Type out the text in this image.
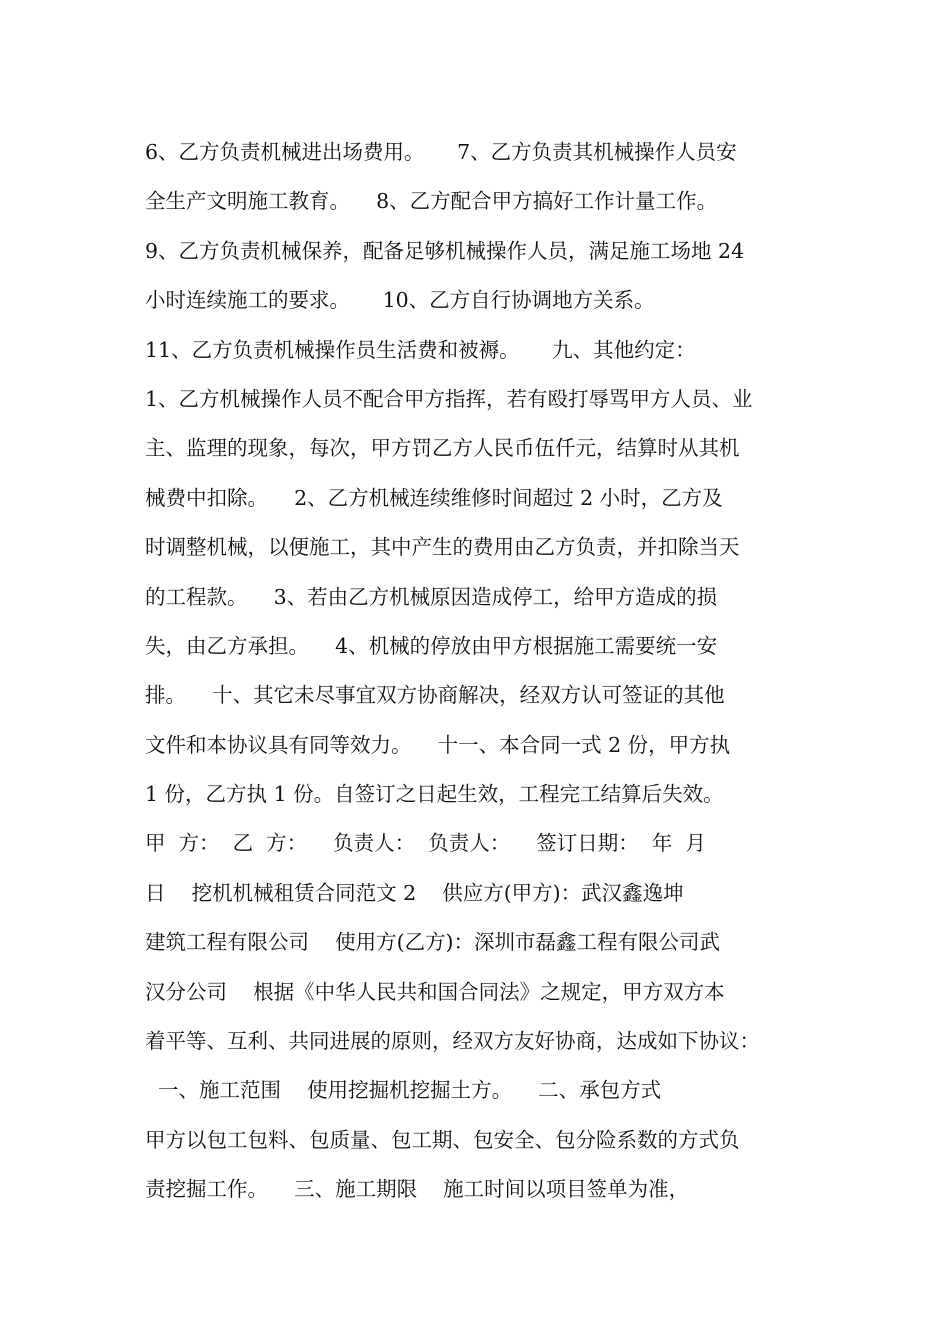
6、乙方负责机械进出场费用。     7、乙方负责其机械操作人员安
全生产文明施工教育。    8、乙方配合甲方搞好工作计量工作。
9、乙方负责机械保养，配备足够机械操作人员，满足施工场地 24
小时连续施工的要求。     10、乙方自行协调地方关系。
11、乙方负责机械操作员生活费和被褥。     九、其他约定：
1、乙方机械操作人员不配合甲方指挥，若有殴打辱骂甲方人员、业
主、监理的现象，每次，甲方罚乙方人民币伍仟元，结算时从其机
械费中扣除。    2、乙方机械连续维修时间超过 2 小时，乙方及
时调整机械，以便施工，其中产生的费用由乙方负责，并扣除当天
的工程款。    3、若由乙方机械原因造成停工，给甲方造成的损
失，由乙方承担。    4、机械的停放由甲方根据施工需要统一安
排。    十、其它未尽事宜双方协商解决，经双方认可签证的其他
文件和本协议具有同等效力。    十一、本合同一式 2 份，甲方执
1 份，乙方执 1 份。自签订之日起生效，工程完工结算后失效。
甲  方：  乙  方：    负责人：  负责人：    签订日期：  年  月
日    挖机机械租赁合同范文 2    供应方(甲方)：武汉鑫逸坤
建筑工程有限公司    使用方(乙方)：深圳市磊鑫工程有限公司武
汉分公司    根据《中华人民共和国合同法》之规定，甲方双方本
着平等、互利、共同进展的原则，经双方友好协商，达成如下协议：
一、施工范围    使用挖掘机挖掘土方。    二、承包方式
甲方以包工包料、包质量、包工期、包安全、包分险系数的方式负
责挖掘工作。    三、施工期限    施工时间以项目签单为准，
